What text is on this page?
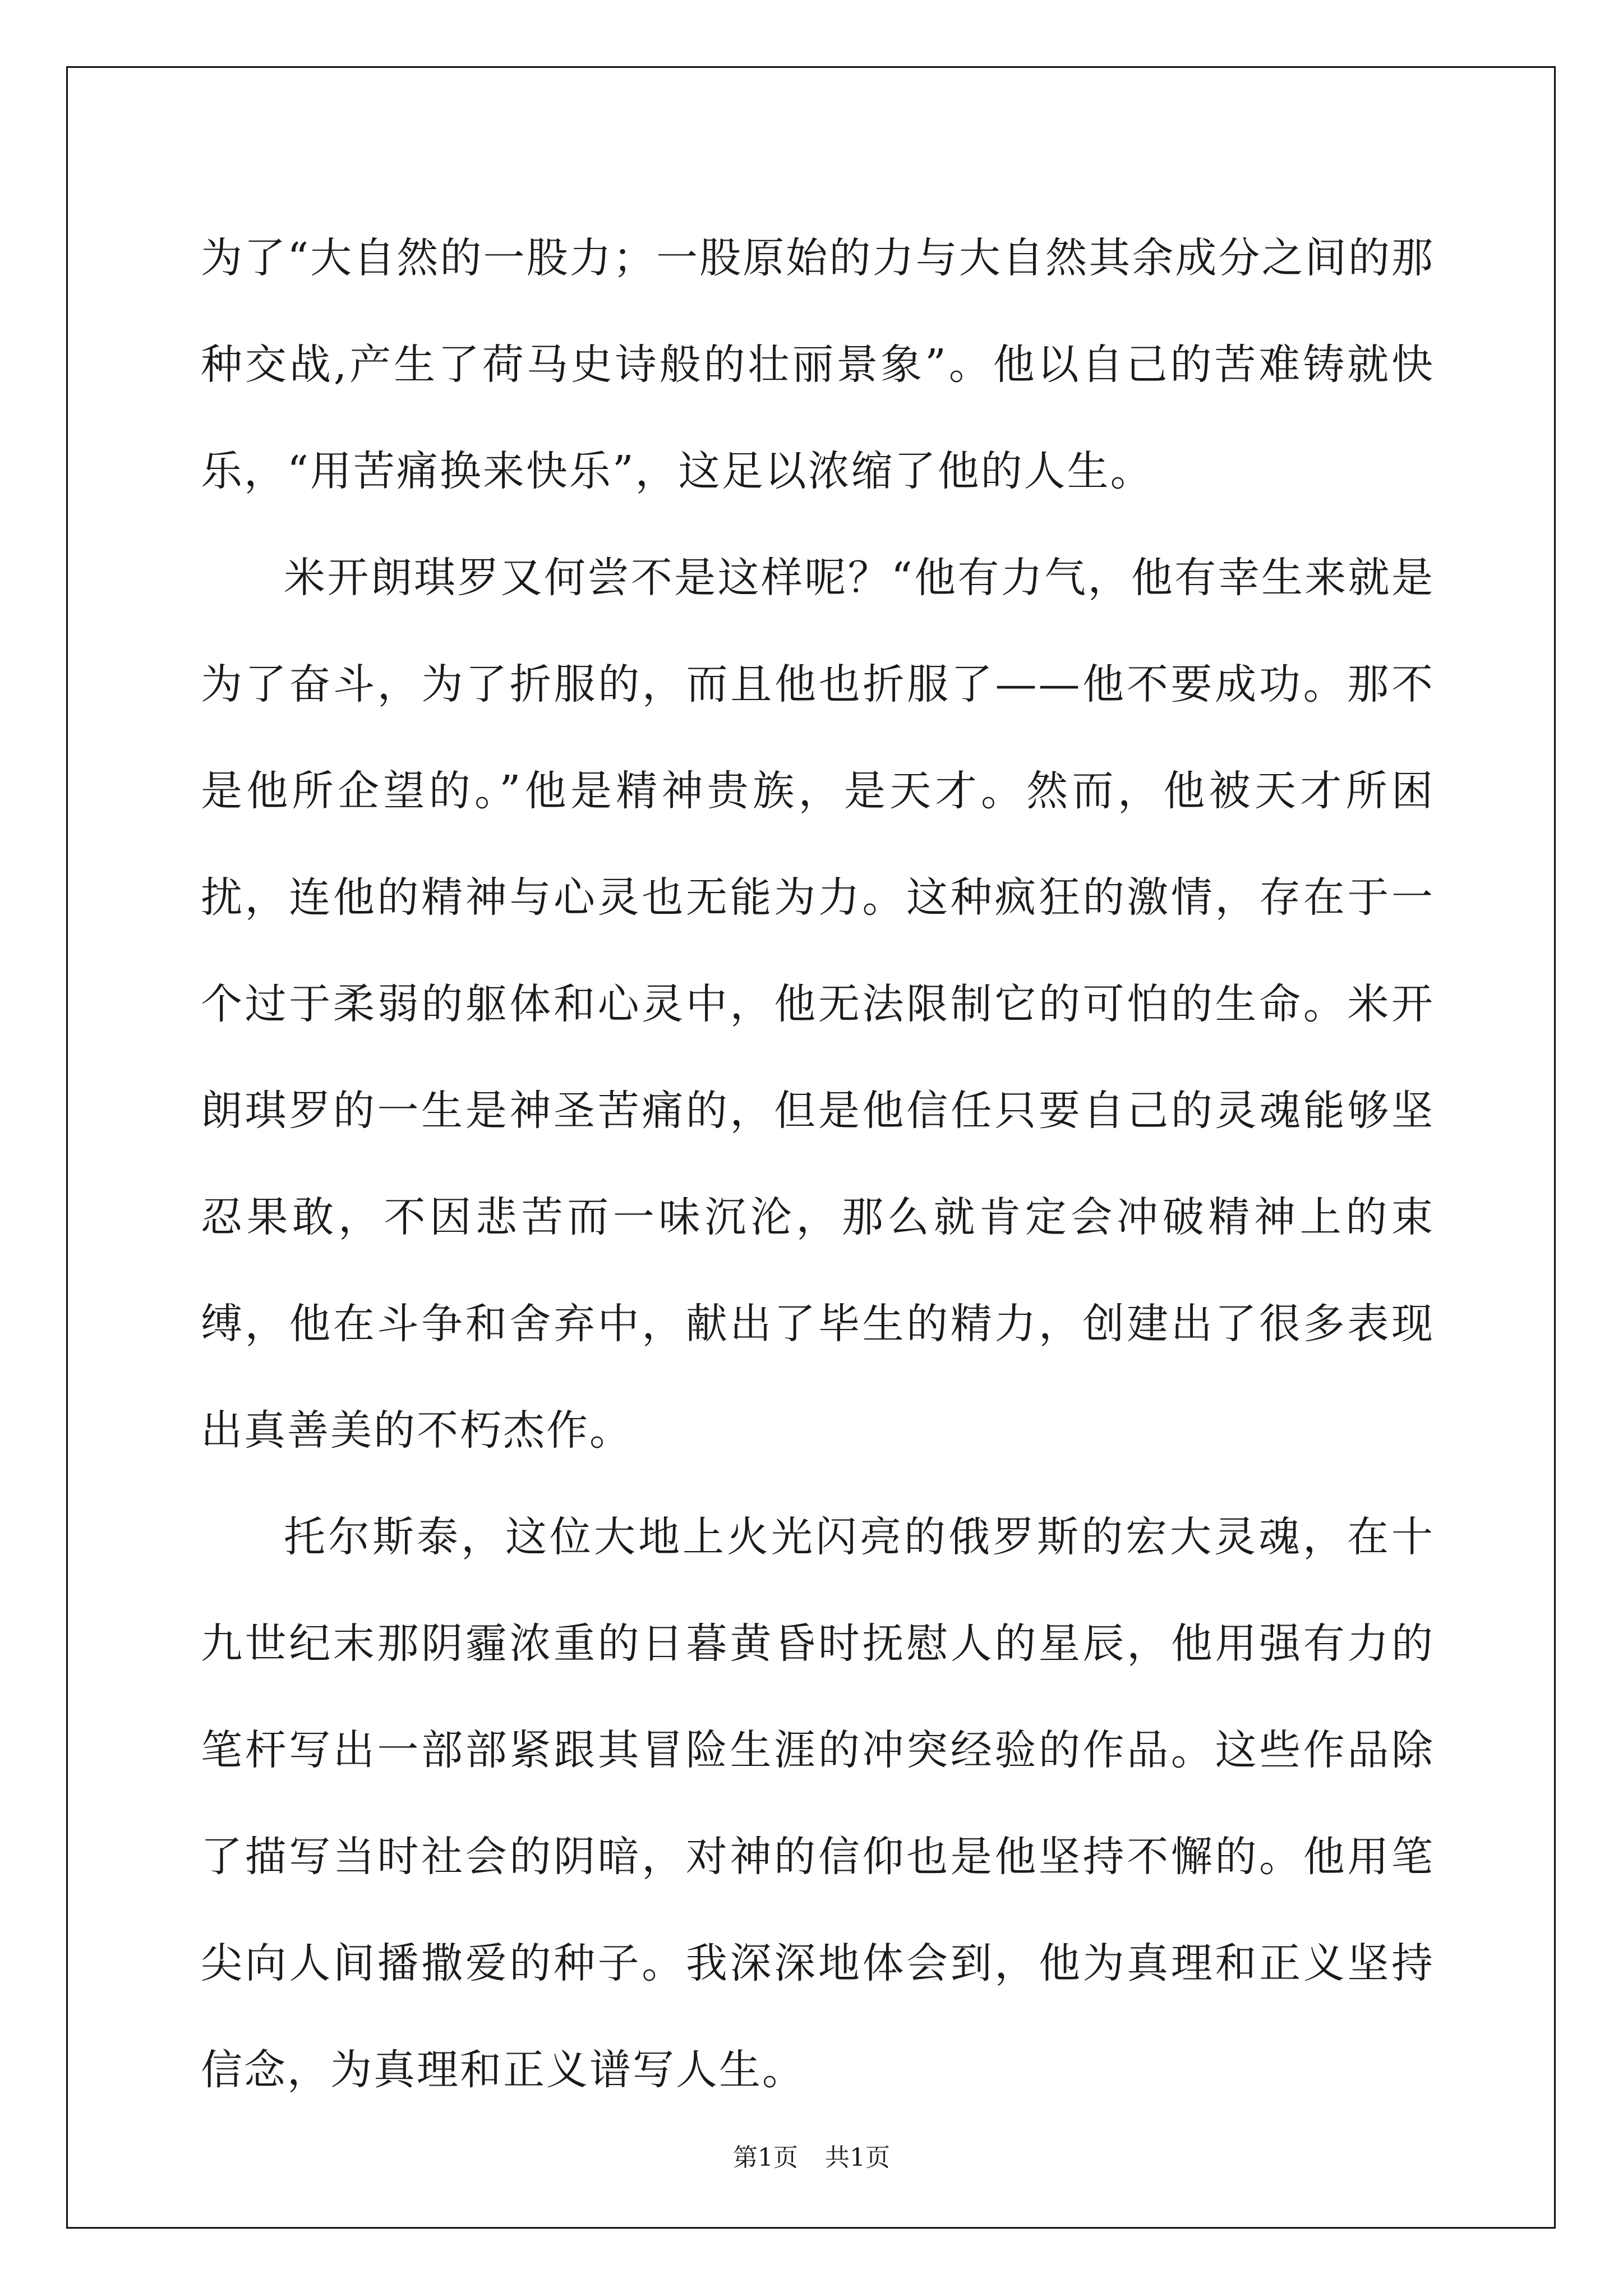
为了“大自然的一股力；一股原始的力与大自然其余成分之间的那种交战,产生了荷马史诗般的壮丽景象”。他以自己的苦难铸就快乐，“用苦痛换来快乐”，这足以浓缩了他的人生。

米开朗琪罗又何尝不是这样呢？“他有力气，他有幸生来就是为了奋斗，为了折服的，而且他也折服了——他不要成功。那不是他所企望的。”他是精神贵族，是天才。然而，他被天才所困扰，连他的精神与心灵也无能为力。这种疯狂的激情，存在于一个过于柔弱的躯体和心灵中，他无法限制它的可怕的生命。米开朗琪罗的一生是神圣苦痛的，但是他信任只要自己的灵魂能够坚忍果敢，不因悲苦而一味沉沦，那么就肯定会冲破精神上的束缚，他在斗争和舍弃中，献出了毕生的精力，创建出了很多表现出真善美的不朽杰作。

托尔斯泰，这位大地上火光闪亮的俄罗斯的宏大灵魂，在十九世纪末那阴霾浓重的日暮黄昏时抚慰人的星辰，他用强有力的笔杆写出一部部紧跟其冒险生涯的冲突经验的作品。这些作品除了描写当时社会的阴暗，对神的信仰也是他坚持不懈的。他用笔尖向人间播撒爱的种子。我深深地体会到，他为真理和正义坚持信念，为真理和正义谱写人生。

第1页 共1页
